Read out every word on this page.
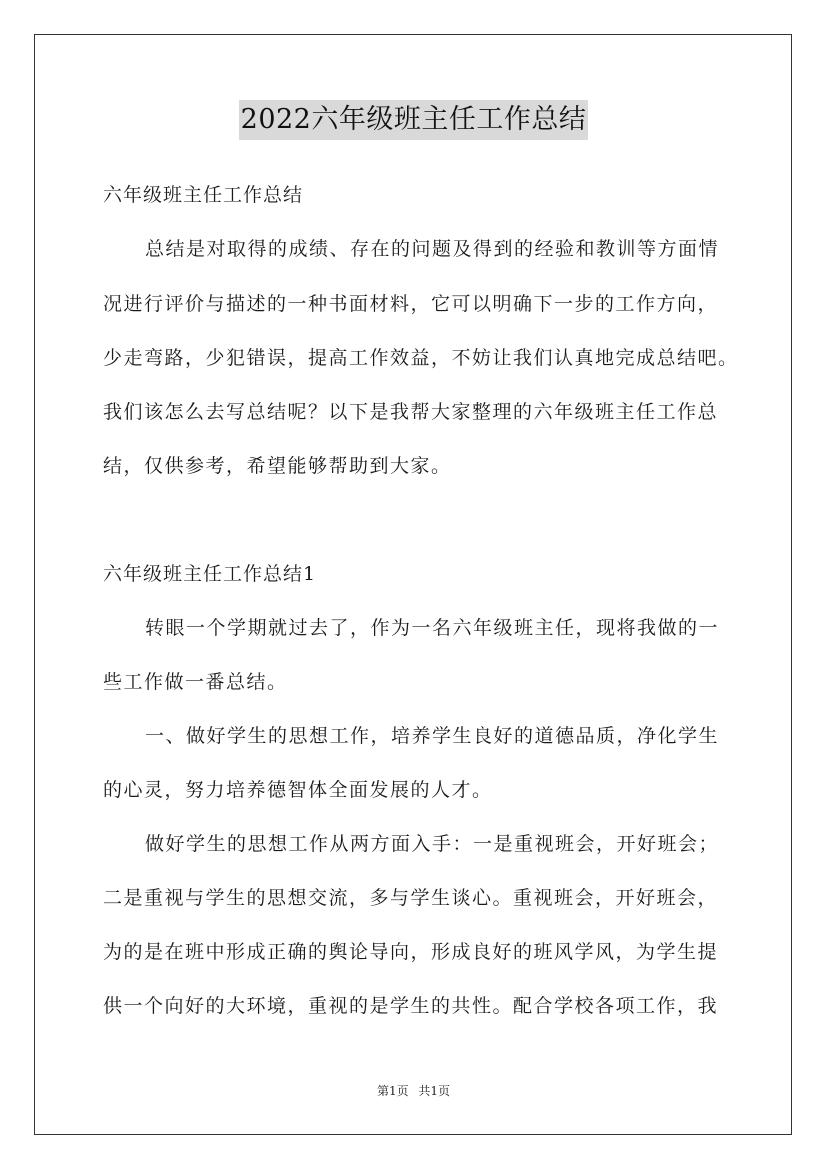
2022六年级班主任工作总结
六年级班主任工作总结
总结是对取得的成绩、存在的问题及得到的经验和教训等方面情
况进行评价与描述的一种书面材料，它可以明确下一步的工作方向，
少走弯路，少犯错误，提高工作效益，不妨让我们认真地完成总结吧。
我们该怎么去写总结呢？以下是我帮大家整理的六年级班主任工作总
结，仅供参考，希望能够帮助到大家。
六年级班主任工作总结1
转眼一个学期就过去了，作为一名六年级班主任，现将我做的一
些工作做一番总结。
一、做好学生的思想工作，培养学生良好的道德品质，净化学生
的心灵，努力培养德智体全面发展的人才。
做好学生的思想工作从两方面入手：一是重视班会，开好班会；
二是重视与学生的思想交流，多与学生谈心。重视班会，开好班会，
为的是在班中形成正确的舆论导向，形成良好的班风学风，为学生提
供一个向好的大环境，重视的是学生的共性。配合学校各项工作，我
第1页 共1页
